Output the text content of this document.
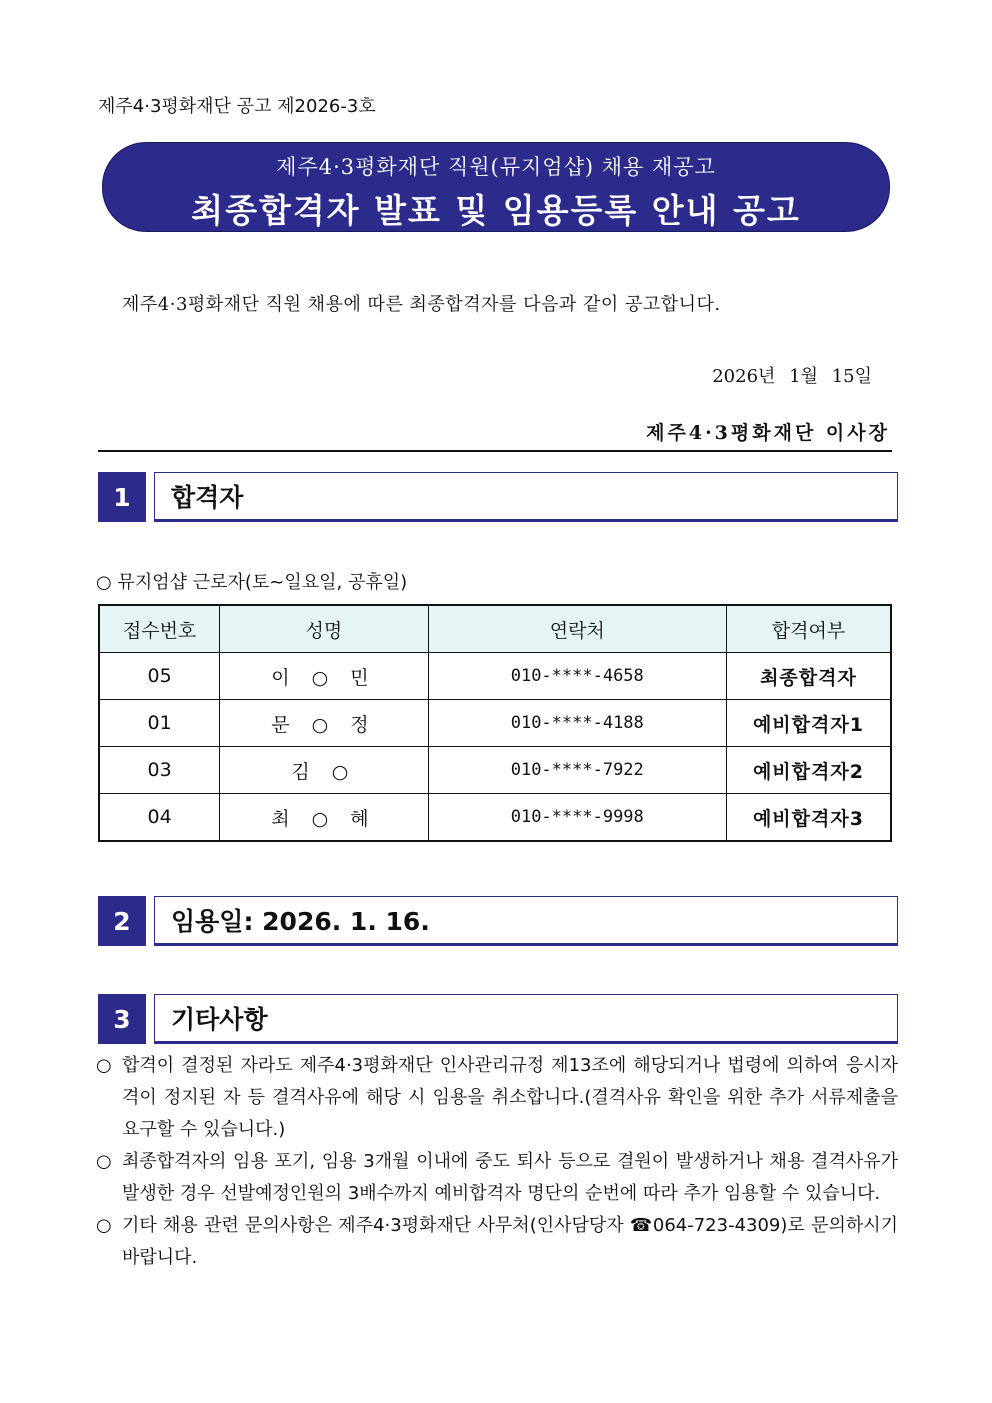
제주4·3평화재단 공고 제2026-3호
제주4·3평화재단 직원(뮤지엄샵) 채용 재공고
최종합격자 발표 및 임용등록 안내 공고
제주4·3평화재단 직원 채용에 따른 최종합격자를 다음과 같이 공고합니다.
2026년 1월 15일
제주4·3평화재단 이사장
1	합격자
○ 뮤지엄샵 근로자(토~일요일, 공휴일)
접수번호	성명	연락처	합격여부
05	이 ○ 민	010-****-4658	최종합격자
01	문 ○ 정	010-****-4188	예비합격자1
03	김 ○	010-****-7922	예비합격자2
04	최 ○ 혜	010-****-9998	예비합격자3
2	임용일: 2026. 1. 16.
3	기타사항
○ 합격이 결정된 자라도 제주4·3평화재단 인사관리규정 제13조에 해당되거나 법령에 의하여 응시자격이 정지된 자 등 결격사유에 해당 시 임용을 취소합니다.(결격사유 확인을 위한 추가 서류제출을 요구할 수 있습니다.)
○ 최종합격자의 임용 포기, 임용 3개월 이내에 중도 퇴사 등으로 결원이 발생하거나 채용 결격사유가 발생한 경우 선발예정인원의 3배수까지 예비합격자 명단의 순번에 따라 추가 임용할 수 있습니다.
○ 기타 채용 관련 문의사항은 제주4·3평화재단 사무처(인사담당자 ☎064-723-4309)로 문의하시기 바랍니다.
